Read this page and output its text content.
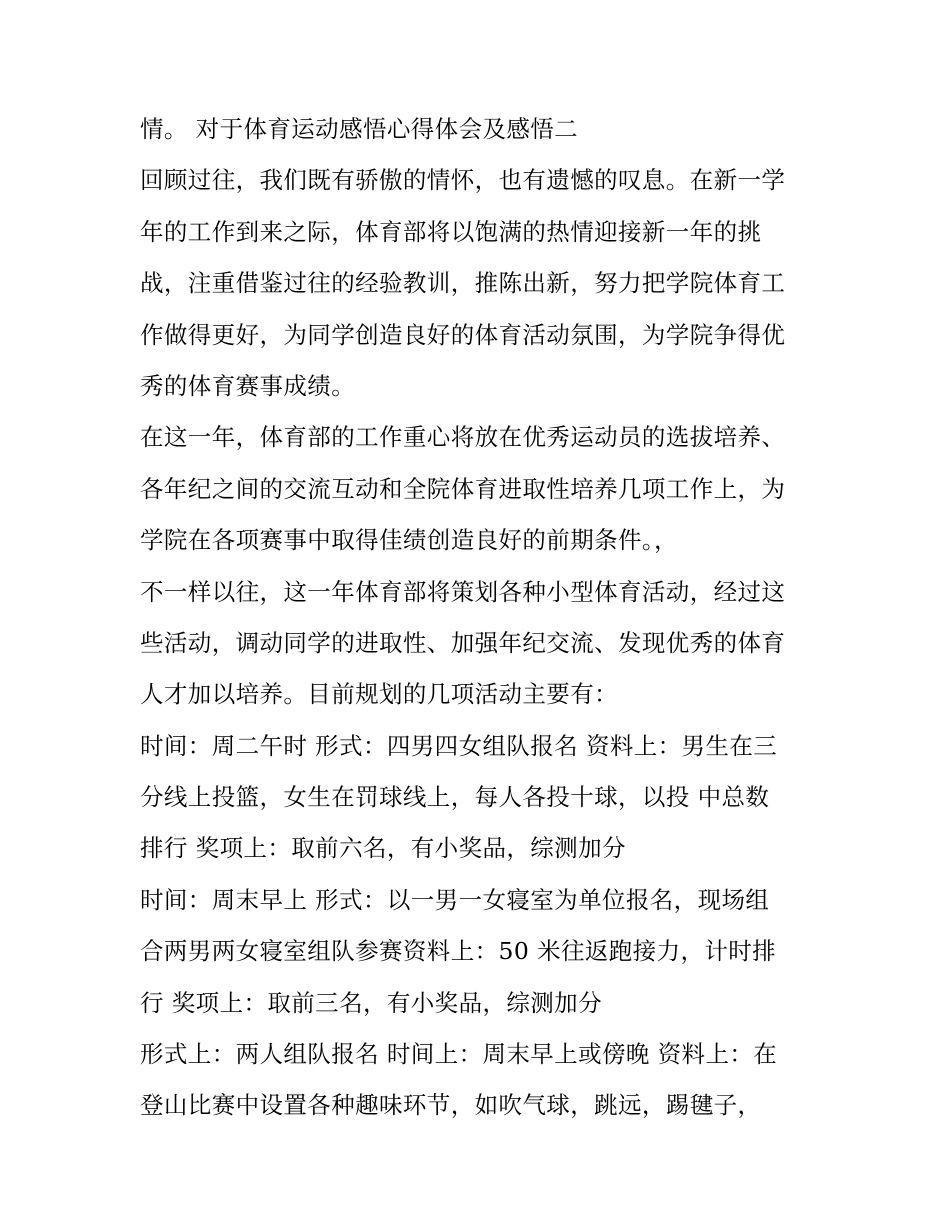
情。 对于体育运动感悟心得体会及感悟二
回顾过往，我们既有骄傲的情怀，也有遗憾的叹息。在新一学
年的工作到来之际，体育部将以饱满的热情迎接新一年的挑
战，注重借鉴过往的经验教训，推陈出新，努力把学院体育工
作做得更好，为同学创造良好的体育活动氛围，为学院争得优
秀的体育赛事成绩。
在这一年，体育部的工作重心将放在优秀运动员的选拔培养、
各年纪之间的交流互动和全院体育进取性培养几项工作上，为
学院在各项赛事中取得佳绩创造良好的前期条件。，
不一样以往，这一年体育部将策划各种小型体育活动，经过这
些活动，调动同学的进取性、加强年纪交流、发现优秀的体育
人才加以培养。目前规划的几项活动主要有：
时间：周二午时 形式：四男四女组队报名 资料上：男生在三
分线上投篮，女生在罚球线上，每人各投十球，以投 中总数
排行 奖项上：取前六名，有小奖品，综测加分
时间：周末早上 形式：以一男一女寝室为单位报名，现场组
合两男两女寝室组队参赛资料上：50 米往返跑接力，计时排
行 奖项上：取前三名，有小奖品，综测加分
形式上：两人组队报名 时间上：周末早上或傍晚 资料上：在
登山比赛中设置各种趣味环节，如吹气球，跳远，踢毽子，
